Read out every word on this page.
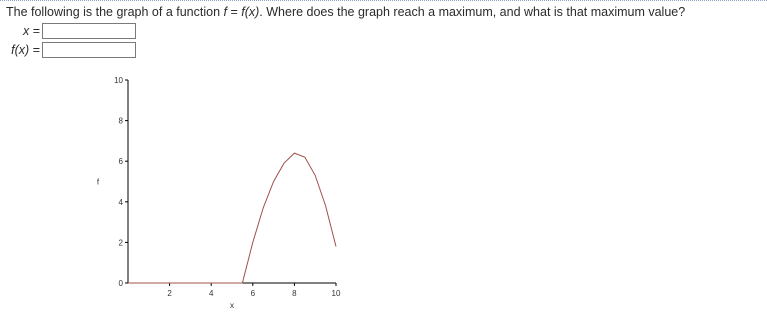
The following is the graph of a function f = f(x). Where does the graph reach a maximum, and what is that maximum value?
x =
f(x) =
0
2
4
6
8
10
2	4	6	8	10
x
f
